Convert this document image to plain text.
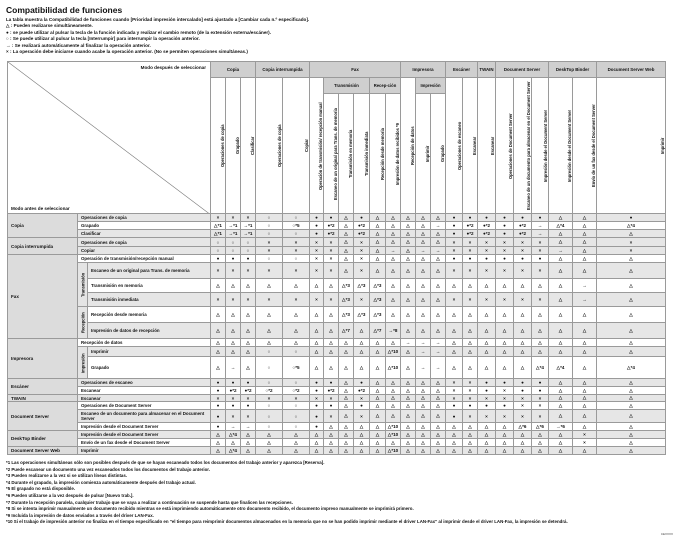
Compatibilidad de funciones
La tabla muestra la Compatibilidad de funciones cuando [Prioridad impresión intercalado] está ajustado a [Cambiar cada n.º especificado].
△ : Pueden realizarse simultáneamente.
● : se puede utilizar al pulsar la tecla de la función indicada y realizar el cambio remoto (de la extensión externa/escáner).
○ : Se puede utilizar al pulsar la tecla [Interrumpir] para interrumpir la operación anterior.
→ : Se realizará automáticamente al finalizar la operación anterior.
× : La operación debe iniciarse cuando acabe la operación anterior. (No se permiten operaciones simultáneas.)
Modo después de seleccionar
Modo antes de seleccionar			Copia			Copia interrumpida		Fax						Impresora			Escáner		TWAIN	Document Server			DeskTop Binder		Document Server Web
			Operaciones de copia	Grapado	Clasificar	Operaciones de copia	Copiar	Operación de transmisión/ recepción manual	Transmisión			Recep-ción		Recepción de datos	Impresión		Operaciones de escaneo	Escanear	Escanear	Operaciones de Document Server	Escaneo de un documento para almacenar en el Document Server	Impresión desde el Document Server	Impresión desde el Document Server	Envío de un fax desde el Document Server	Imprimir
									Escaneo de un original para Trans. de memoria	Transmisión en memoria	Transmisión inmediata	Recepción desde memoria	Impresión de datos recibidos *9		Imprimir	Grapado									
Copia	Operaciones de copia		×	×	×	○	○	●	●	△	●	△	△	△	△	△	●	●	●	●	●	●	△	△	●
	Grapado		△*1	→*1	→*1	○	○*5	●	●*2	△	●*2	△	△	△	△	→	●	●*2	●*2	●	●*2	→	△*4	△	△*4
	Clasificar		△*1	→*1	→*1	○	○	●	●*2	△	●*2	△	△	△	△	△	●	●*2	●*2	●	●*2	→	△	△	△
Copia interrumpida	Operaciones de copia		○	○	○	×	×	×	×	△	×	△	△	△	△	△	×	×	×	×	×	×	△	△	×
	Copiar		○	○	○	×	×	×	×	△	×	△	→	△	→	→	×	×	×	×	×	×	→	△	×
Fax	Operación de transmisión/recepción manual		●	●	●	○	○	×	×	△	×	△	△	△	△	△	●	●	●	●	●	●	△	△	△
	Transmisión	Escaneo de un original para Trans. de memoria	×	×	×	×	×	×	×	△	×	△	△	△	△	△	×	×	×	×	×	×	△	△	△
		Transmisión en memoria	△	△	△	△	△	△	△	△*3	△*3	△*3	△	△	△	△	△	△	△	△	△	△	△	→	△
		Transmisión inmediata	×	×	×	×	×	×	×	△*3	×	△*3	△	△	△	△	×	×	×	×	×	×	△	→	△
	Recepción	Recepción desde memoria	△	△	△	△	△	△	△	△*3	△*3	△*3	△	△	△	△	△	△	△	△	△	△	△	△	△
		Impresión de datos de recepción	△	△	△	△	△	△	△	△*7	△	△*7	→*8	△	△	△	△	△	△	△	△	△	△	△	△
Impresora	Recepción de datos		△	△	△	△	△	△	△	△	△	△	△	→	→	→	△	△	△	△	△	△	△	△	△
	Impresión	Imprimir	△	△	△	○	○	△	△	△	△	△	△*10	△	→	→	△	△	△	△	△	△	△	△	△
		Grapado	△	→	△	○	○*5	△	△	△	△	△	△*10	△	→	→	△	△	△	△	△	△*4	△*4	△	△*4
Escáner	Operaciones de escaneo		●	●	●	○	○	●	●	△	●	△	△	△	△	△	×	×	●	●	●	●	△	△	△
	Escanear		●	●*2	●*2	○*2	○*2	●	●*2	△	●*2	△	△	△	△	△	×	×	●	×	●	●	△	△	△
TWAIN	Escanear		×	×	×	×	×	×	×	△	×	△	△	△	△	△	×	×	×	×	×	×	△	△	△
Document Server	Operaciones de Document Server		●	●	●	○	○	●	●	△	●	△	△	△	△	△	●	●	●	●	×	×	△	△	△
	Escaneo de un documento para almacenar en el Document Server		●	×	×	○	○	●	×	△	×	△	△	△	△	△	●	×	×	×	×	×	△	△	△
	Impresión desde el Document Server		●	→	→	○	○	●	△	△	△	△	△*10	△	△	△	△	△	△	△	△*6	△*6	→*6	△	△
DeskTop Binder	Impresión desde el Document Server		△	△*4	△	△	△	△	△	△	△	△	△*10	△	△	△	△	△	△	△	△	△	△	×	△
	Envío de un fax desde el Document Server		△	△	△	△	△	△	△	△	△	△	△	△	△	△	△	△	△	△	△	△	△	×	△
Document Server Web	Imprimir		△	△*4	△	△	△	△	△	△	△	△	△*10	△	△	△	△	△	△	△	△	△	△	△	△
*1 Las operaciones simultáneas sólo son posibles después de que se hayan escaneado todos los documentos del trabajo anterior y aparezca [Reserva].
*2 Puede escanear un documento una vez escaneados todos los documentos del trabajo anterior.
*3 Pueden realizarse a la vez si se utilizan líneas distintas.
*4 Durante el grapado, la impresión comienza automáticamente después del trabajo actual.
*5 El grapado no está disponible.
*6 Pueden utilizarse a la vez después de pulsar [Nuevo trab.].
*7 Durante la recepción paralela, cualquier trabajo que se vaya a realizar a continuación se suspende hasta que finalicen las recepciones.
*8 Si se intenta imprimir manualmente un documento recibido mientras se está imprimiendo automáticamente otro documento recibido, el documento impreso manualmente se imprimirá primero.
*9 Incluida la impresión de datos enviados a través del driver LAN-Fax.
*10 Si el trabajo de impresión anterior no finaliza en el tiempo especificado en "el tiempo para reimprimir documentos almacenados en la memoria que no se han podido imprimir mediante el driver LAN-Fax" al imprimir desde el driver LAN-Fax, la impresión se detendrá.
CEXXXX
